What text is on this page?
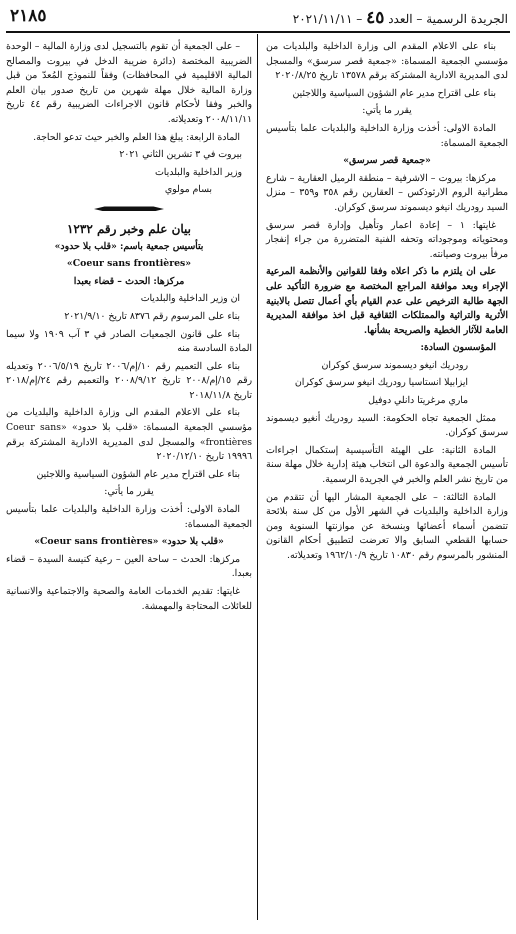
٢١٨٥	الجريدة الرسمية – العدد ٤٥ – ٢٠٢١/١١/١١

بناء على الاعلام المقدم الى وزارة الداخلية والبلديات من مؤسسي الجمعية المسماة: «جمعية قصر سرسق» والمسجل لدى المديرية الادارية المشتركة برقم ١٣٥٧٨ تاريخ ٢٠٢٠/٨/٢٥

بناء على اقتراح مدير عام الشؤون السياسية واللاجئين

يقرر ما يأتي:

المادة الاولى: أخذت وزارة الداخلية والبلديات علما بتأسيس الجمعية المسماة:

«جمعية قصر سرسق»

مركزها: بيروت – الاشرفية – منطقة الرميل العقارية – شارع مطرانية الروم الارثوذكس – العقارين رقم ٣٥٨ و٣٥٩ – منزل السيد رودريك انيغو ديسموند سرسق كوكران.

غايتها: ١ – إعادة اعمار وتأهيل وإدارة قصر سرسق ومحتوياته وموجوداته وتحفه الفنية المتضررة من جراء إنفجار مرفأ بيروت وصيانته.

على ان يلتزم ما ذكر اعلاه وفقا للقوانين والأنظمة المرعية الإجراء وبعد موافقة المراجع المختصة مع ضرورة التأكيد على الجهة طالبة الترخيص على عدم القيام بأي أعمال تتصل بالابنية الأثرية والتراثية والممتلكات الثقافية قبل اخذ موافقة المديرية العامة للآثار الخطية والصريحة بشأنها.

المؤسسون السادة:

رودريك انيغو ديسموند سرسق كوكران

ايزابيلا انستاسيا رودريك انيغو سرسق كوكران

ماري مرغريتا دانلي دوفيل

ممثل الجمعية تجاه الحكومة: السيد رودريك أنغيو ديسموند سرسق كوكران.

المادة الثانية: على الهيئة التأسيسية إستكمال اجراءات تأسيس الجمعية والدعوة الى انتخاب هيئة إدارية خلال مهلة سنة من تاريخ نشر العلم والخبر في الجريدة الرسمية.

المادة الثالثة: – على الجمعية المشار اليها أن تتقدم من وزارة الداخلية والبلديات في الشهر الأول من كل سنة بلائحة تتضمن أسماء أعضائها وبنسخة عن موازنتها السنوية ومن حسابها القطعي السابق والا تعرضت لتطبيق أحكام القانون المنشور بالمرسوم رقم ١٠٨٣٠ تاريخ ١٩٦٢/١٠/٩ وتعديلاته.

– على الجمعية أن تقوم بالتسجيل لدى وزارة المالية – الوحدة الضريبية المختصة (دائرة ضريبة الدخل في بيروت والمصالح المالية الاقليمية في المحافظات) وفقاً للنموذج المُعدّ من قبل وزارة المالية خلال مهلة شهرين من تاريخ صدور بيان العلم والخبر وفقا لأحكام قانون الاجراءات الضريبية رقم ٤٤ تاريخ ٢٠٠٨/١١/١١ وتعديلاته.

المادة الرابعة: يبلغ هذا العلم والخبر حيث تدعو الحاجة.

بيروت في ٣ تشرين الثاني ٢٠٢١

وزير الداخلية والبلديات

بسام مولوي

بيان علم وخبر رقم ١٢٣٢

بتأسيس جمعية باسم: «قلب بلا حدود»

«Coeur sans frontières»

مركزها: الحدث – قضاء بعبدا

ان وزير الداخلية والبلديات

بناء على المرسوم رقم ٨٣٧٦ تاريخ ٢٠٢١/٩/١٠

بناء على قانون الجمعيات الصادر في ٣ آب ١٩٠٩ ولا سيما المادة السادسة منه

بناء على التعميم رقم ١٠/إم/٢٠٠٦ تاريخ ٢٠٠٦/٥/١٩ وتعديله رقم ١٥/إم/٢٠٠٨ تاريخ ٢٠٠٨/٩/١٢ والتعميم رقم ٢٤/إم/٢٠١٨ تاريخ ٢٠١٨/١١/٨

بناء على الاعلام المقدم الى وزارة الداخلية والبلديات من مؤسسي الجمعية المسماة: «قلب بلا حدود» «Coeur sans frontières» والمسجل لدى المديرية الادارية المشتركة برقم ١٩٩٩٦ تاريخ ٢٠٢٠/١٢/١٠

بناء على اقتراح مدير عام الشؤون السياسية واللاجئين

يقرر ما يأتي:

المادة الاولى: أخذت وزارة الداخلية والبلديات علما بتأسيس الجمعية المسماة:

«قلب بلا حدود» «Coeur sans frontières»

مركزها: الحدث – ساحة العين – رعية كنيسة السيدة – قضاء بعبدا.

غايتها: تقديم الخدمات العامة والصحية والاجتماعية والانسانية للعائلات المحتاجة والمهمشة.
